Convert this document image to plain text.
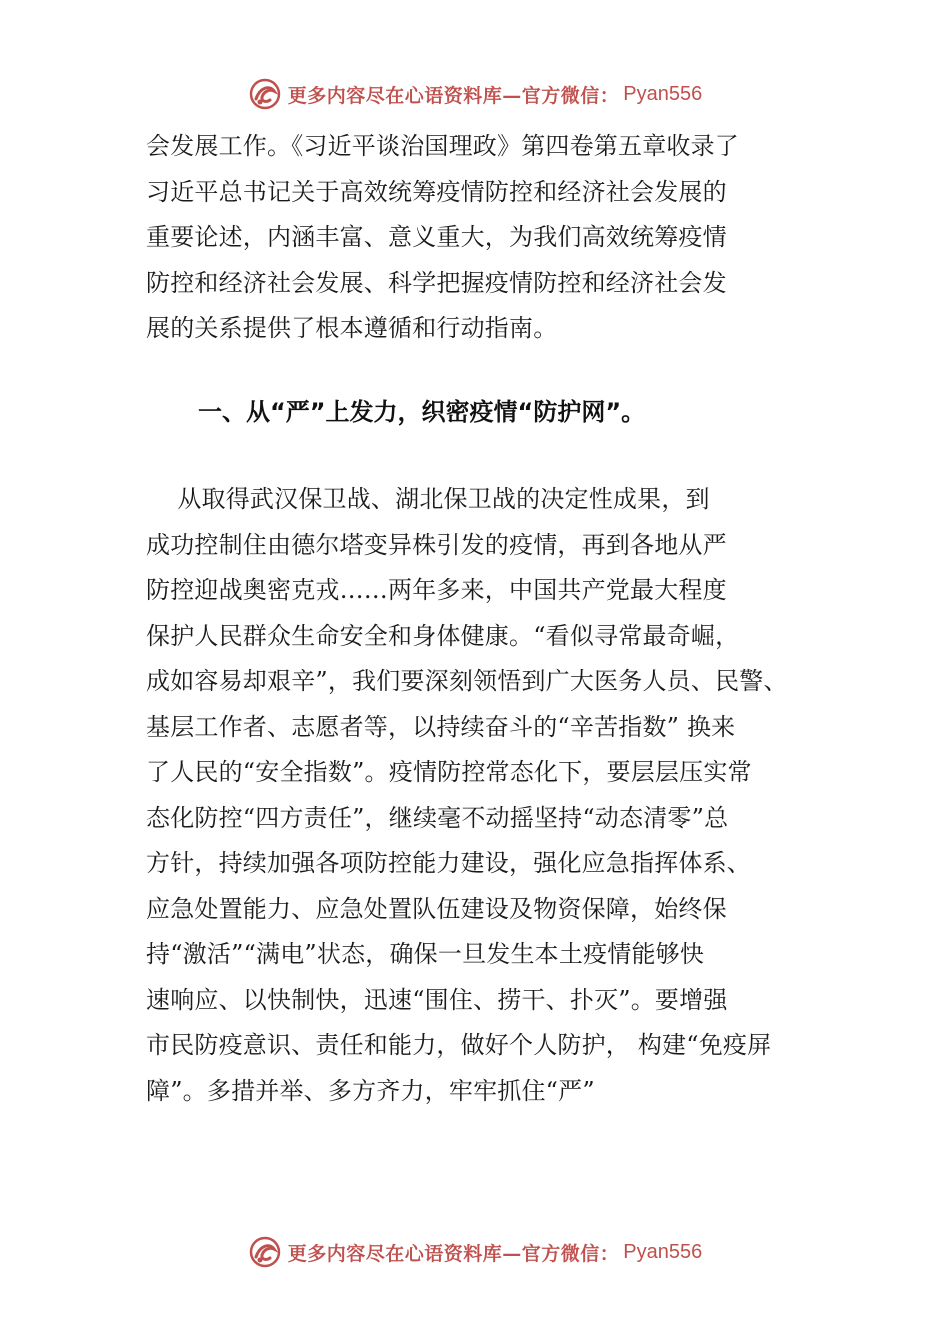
更多内容尽在心语资料库—官方微信： Pyan556

会发展工作。《习近平谈治国理政》第四卷第五章收录了
习近平总书记关于高效统筹疫情防控和经济社会发展的
重要论述，内涵丰富、意义重大，为我们高效统筹疫情
防控和经济社会发展、科学把握疫情防控和经济社会发
展的关系提供了根本遵循和行动指南。

一、从“严”上发力，织密疫情“防护网”。

从取得武汉保卫战、湖北保卫战的决定性成果，到
成功控制住由德尔塔变异株引发的疫情，再到各地从严
防控迎战奥密克戎……两年多来，中国共产党最大程度
保护人民群众生命安全和身体健康。“看似寻常最奇崛，
成如容易却艰辛”，我们要深刻领悟到广大医务人员、民警、
基层工作者、志愿者等，以持续奋斗的“辛苦指数” 换来
了人民的“安全指数”。疫情防控常态化下，要层层压实常
态化防控“四方责任”，继续毫不动摇坚持“动态清零”总
方针，持续加强各项防控能力建设，强化应急指挥体系、
应急处置能力、应急处置队伍建设及物资保障，始终保
持“激活”“满电”状态，确保一旦发生本土疫情能够快
速响应、以快制快，迅速“围住、捞干、扑灭”。要增强
市民防疫意识、责任和能力，做好个人防护， 构建“免疫屏
障”。多措并举、多方齐力，牢牢抓住“严”

更多内容尽在心语资料库—官方微信： Pyan556
